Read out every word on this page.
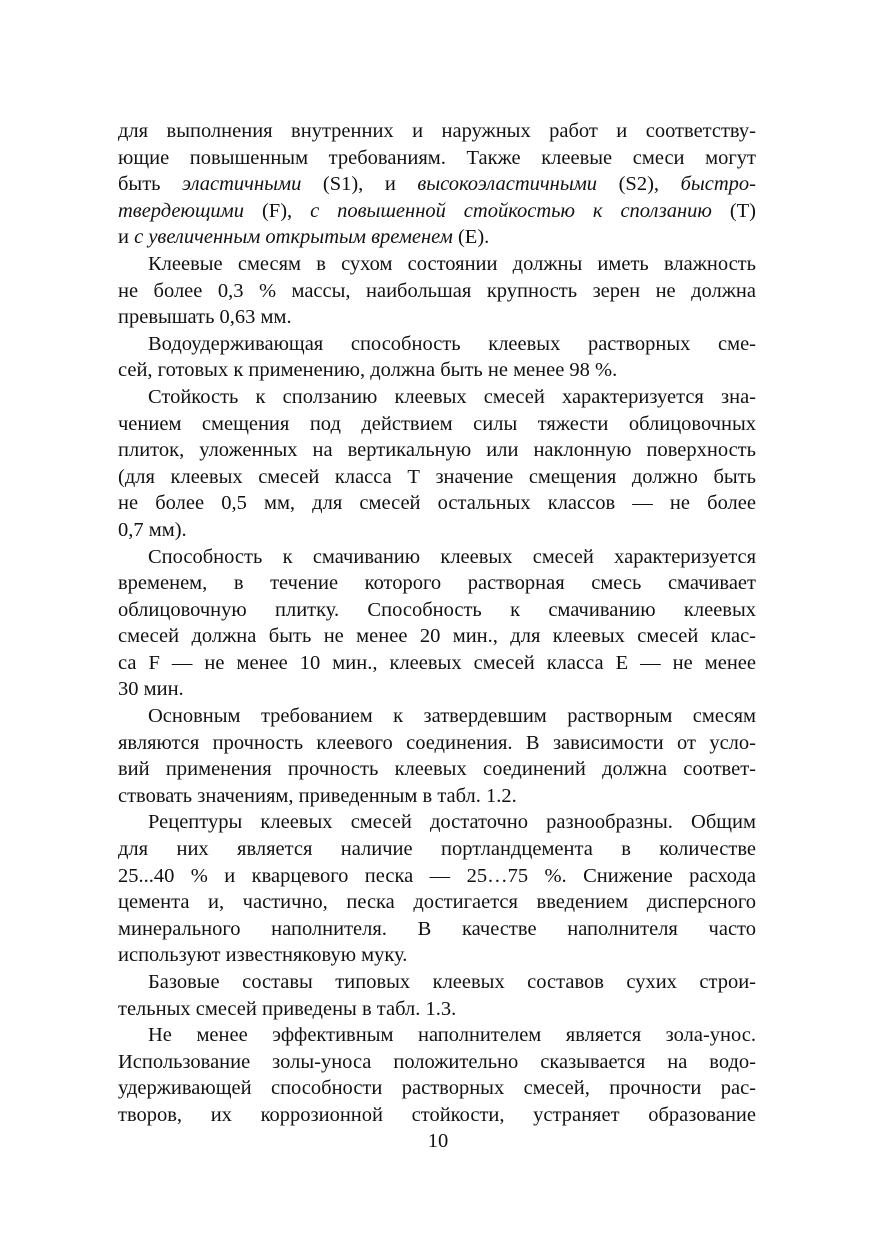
для выполнения внутренних и наружных работ и соответству-
ющие повышенным требованиям. Также клеевые смеси могут
быть эластичными (S1), и высокоэластичными (S2), быстро-
твердеющими (F), с повышенной стойкостью к сползанию (T)
и с увеличенным открытым временем (E).
Клеевые смесям в сухом состоянии должны иметь влажность
не более 0,3 % массы, наибольшая крупность зерен не должна
превышать 0,63 мм.
Водоудерживающая способность клеевых растворных сме-
сей, готовых к применению, должна быть не менее 98 %.
Стойкость к сползанию клеевых смесей характеризуется зна-
чением смещения под действием силы тяжести облицовочных
плиток, уложенных на вертикальную или наклонную поверхность
(для клеевых смесей класса Т значение смещения должно быть
не более 0,5 мм, для смесей остальных классов — не более
0,7 мм).
Способность к смачиванию клеевых смесей характеризуется
временем, в течение которого растворная смесь смачивает
облицовочную плитку. Способность к смачиванию клеевых
смесей должна быть не менее 20 мин., для клеевых смесей клас-
са F — не менее 10 мин., клеевых смесей класса E — не менее
30 мин.
Основным требованием к затвердевшим растворным смесям
являются прочность клеевого соединения. В зависимости от усло-
вий применения прочность клеевых соединений должна соответ-
ствовать значениям, приведенным в табл. 1.2.
Рецептуры клеевых смесей достаточно разнообразны. Общим
для них является наличие портландцемента в количестве
25...40 % и кварцевого песка — 25…75 %. Снижение расхода
цемента и, частично, песка достигается введением дисперсного
минерального наполнителя. В качестве наполнителя часто
используют известняковую муку.
Базовые составы типовых клеевых составов сухих строи-
тельных смесей приведены в табл. 1.3.
Не менее эффективным наполнителем является зола-унос.
Использование золы-уноса положительно сказывается на водо-
удерживающей способности растворных смесей, прочности рас-
творов, их коррозионной стойкости, устраняет образование
10
